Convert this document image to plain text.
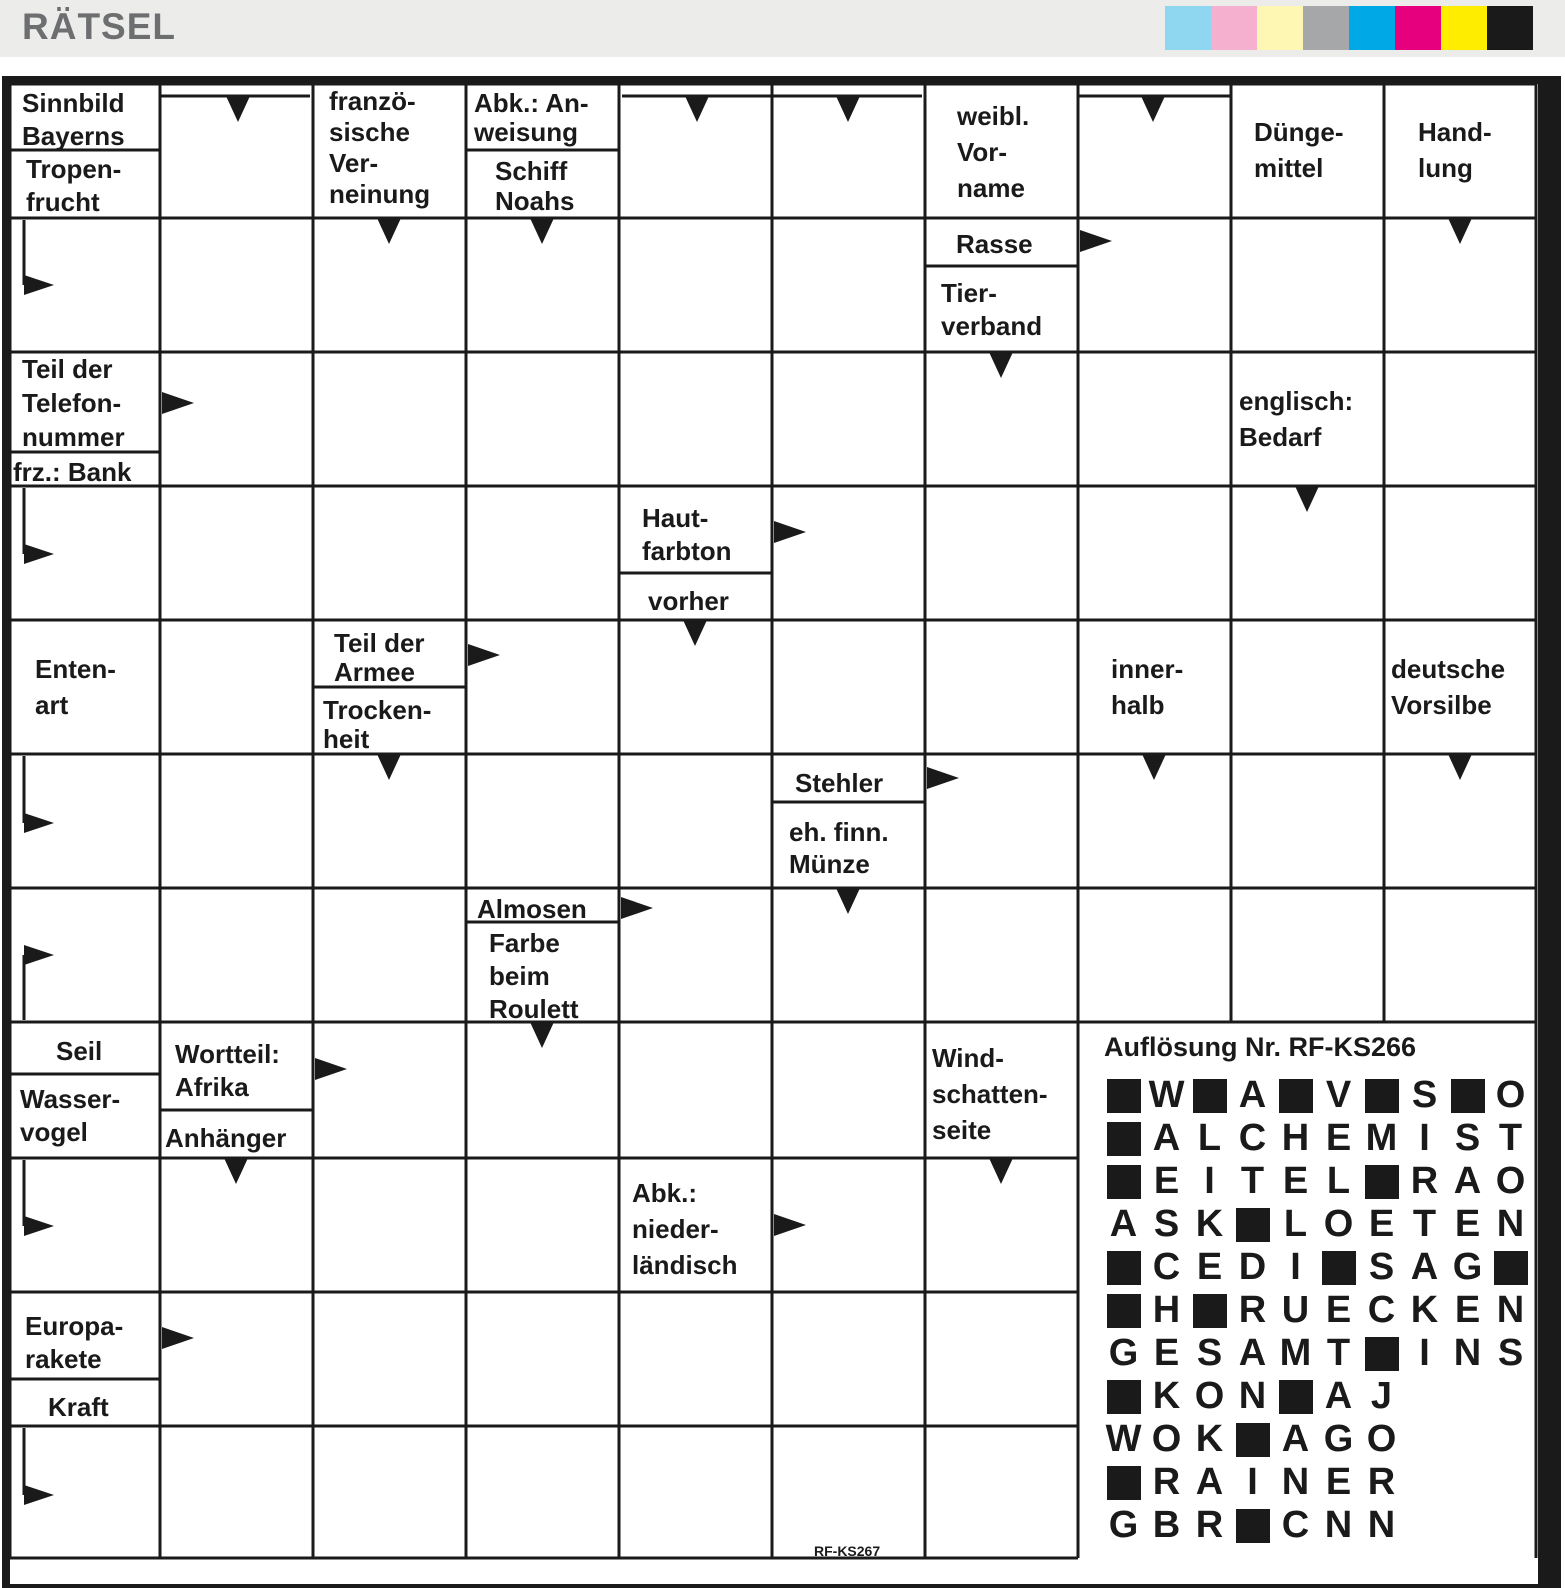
RÄTSEL
Sinnbild Bayerns
Tropen-frucht
franzö-sische Ver-neinung
Abk.: An-weisung
Schiff Noahs
weibl. Vor-name
Dünge-mittel
Hand-lung
Rasse
Tier-verband
Teil der Telefon-nummer
frz.: Bank
englisch: Bedarf
Haut-farbton
vorher
Enten-art
Teil der Armee
Trocken-heit
inner-halb
deutsche Vorsilbe
Stehler
eh. finn. Münze
Almosen
Farbe beim Roulett
Seil	Wortteil: Afrika
Wasser-vogel	Anhänger
Wind-schatten-seite
Abk.: nieder-ländisch
Europa-rakete
Kraft
Auflösung Nr. RF-KS266
W A V S O
A L C H E M I S T
E I T E L R A O
A S K L O E T E N
C E D I	S A G
H R U E C K E N
G E S A M T	I N S
K O N A J
W O K A G O
R A I N E R
G B R C N N
RF-KS267
